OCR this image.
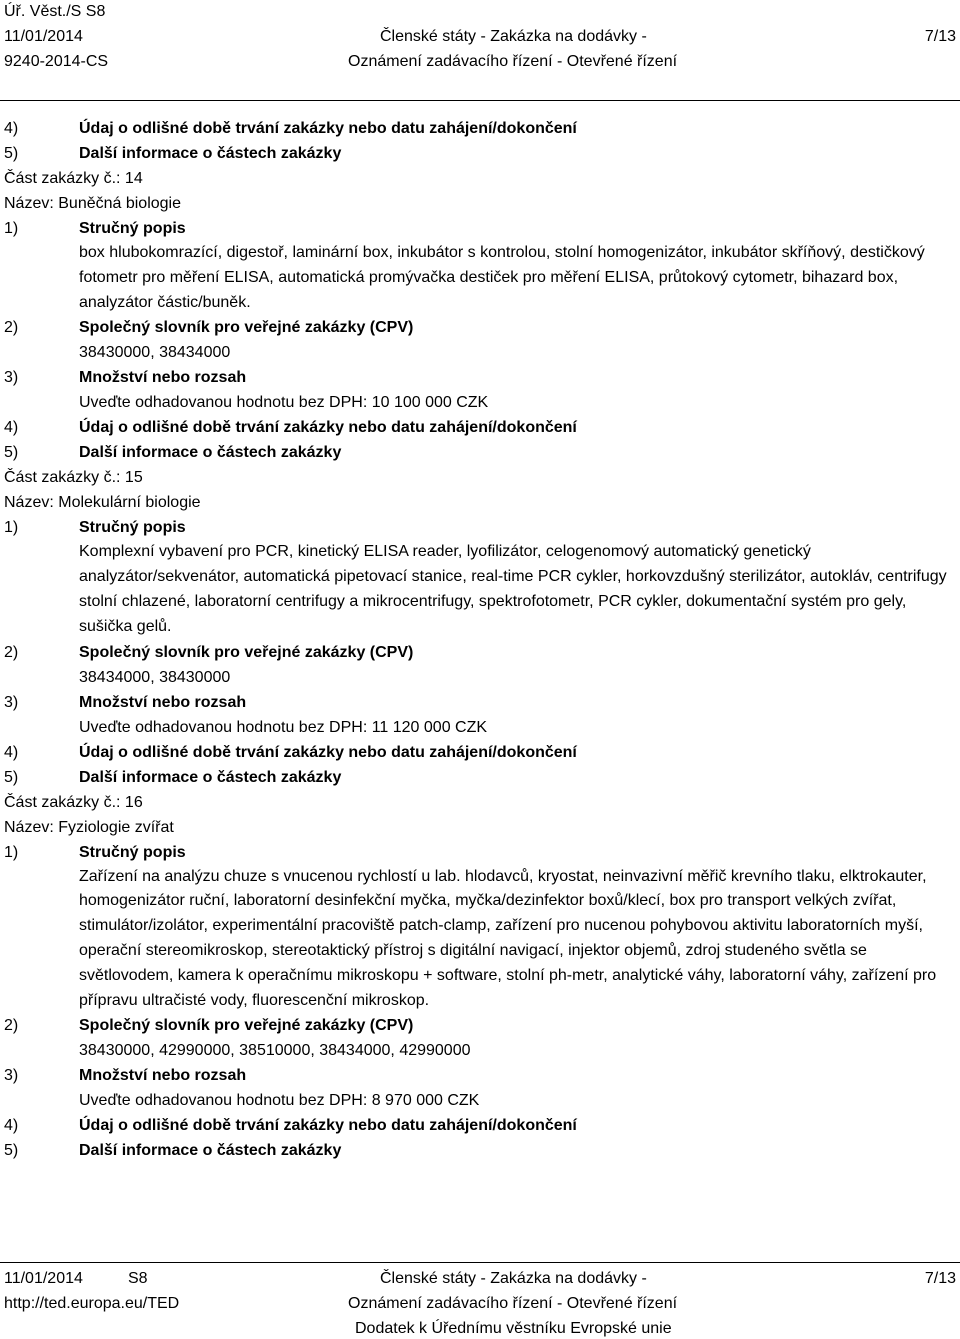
Úř. Věst./S S8
11/01/2014
9240-2014-CS
Členské státy - Zakázka na dodávky -
Oznámení zadávacího řízení - Otevřené řízení
7/13
4)	Údaj o odlišné době trvání zakázky nebo datu zahájení/dokončení
5)	Další informace o částech zakázky
Část zakázky č.: 14
Název: Buněčná biologie
1)	Stručný popis
box hlubokomrazící, digestoř, laminární box, inkubátor s kontrolou, stolní homogenizátor, inkubátor skříňový, destičkový fotometr pro měření ELISA, automatická promývačka destiček pro měření ELISA, průtokový cytometr, bihazard box, analyzátor částic/buněk.
2)	Společný slovník pro veřejné zakázky (CPV)
38430000, 38434000
3)	Množství nebo rozsah
Uveďte odhadovanou hodnotu bez DPH: 10 100 000 CZK
4)	Údaj o odlišné době trvání zakázky nebo datu zahájení/dokončení
5)	Další informace o částech zakázky
Část zakázky č.: 15
Název: Molekulární biologie
1)	Stručný popis
Komplexní vybavení pro PCR, kinetický ELISA reader, lyofilizátor, celogenomový automatický genetický analyzátor/sekvenátor, automatická pipetovací stanice, real-time PCR cykler, horkovzdušný sterilizátor, autokláv, centrifugy stolní chlazené, laboratorní centrifugy a mikrocentrifugy, spektrofotometr, PCR cykler, dokumentační systém pro gely, sušička gelů.
2)	Společný slovník pro veřejné zakázky (CPV)
38434000, 38430000
3)	Množství nebo rozsah
Uveďte odhadovanou hodnotu bez DPH: 11 120 000 CZK
4)	Údaj o odlišné době trvání zakázky nebo datu zahájení/dokončení
5)	Další informace o částech zakázky
Část zakázky č.: 16
Název: Fyziologie zvířat
1)	Stručný popis
Zařízení na analýzu chuze s vnucenou rychlostí u lab. hlodavců, kryostat, neinvazivní měřič krevního tlaku, elktrokauter, homogenizátor ruční, laboratorní desinfekční myčka, myčka/dezinfektor boxů/klecí, box pro transport velkých zvířat, stimulátor/izolátor, experimentální pracoviště patch-clamp, zařízení pro nucenou pohybovou aktivitu laboratorních myší, operační stereomikroskop, stereotaktický přístroj s digitální navigací, injektor objemů, zdroj studeného světla se světlovodem, kamera k operačnímu mikroskopu + software, stolní ph-metr, analytické váhy, laboratorní váhy, zařízení pro přípravu ultračisté vody, fluorescenční mikroskop.
2)	Společný slovník pro veřejné zakázky (CPV)
38430000, 42990000, 38510000, 38434000, 42990000
3)	Množství nebo rozsah
Uveďte odhadovanou hodnotu bez DPH: 8 970 000 CZK
4)	Údaj o odlišné době trvání zakázky nebo datu zahájení/dokončení
5)	Další informace o částech zakázky
11/01/2014	S8
http://ted.europa.eu/TED
Členské státy - Zakázka na dodávky -
Oznámení zadávacího řízení - Otevřené řízení
Dodatek k Úřednímu věstníku Evropské unie
7/13
